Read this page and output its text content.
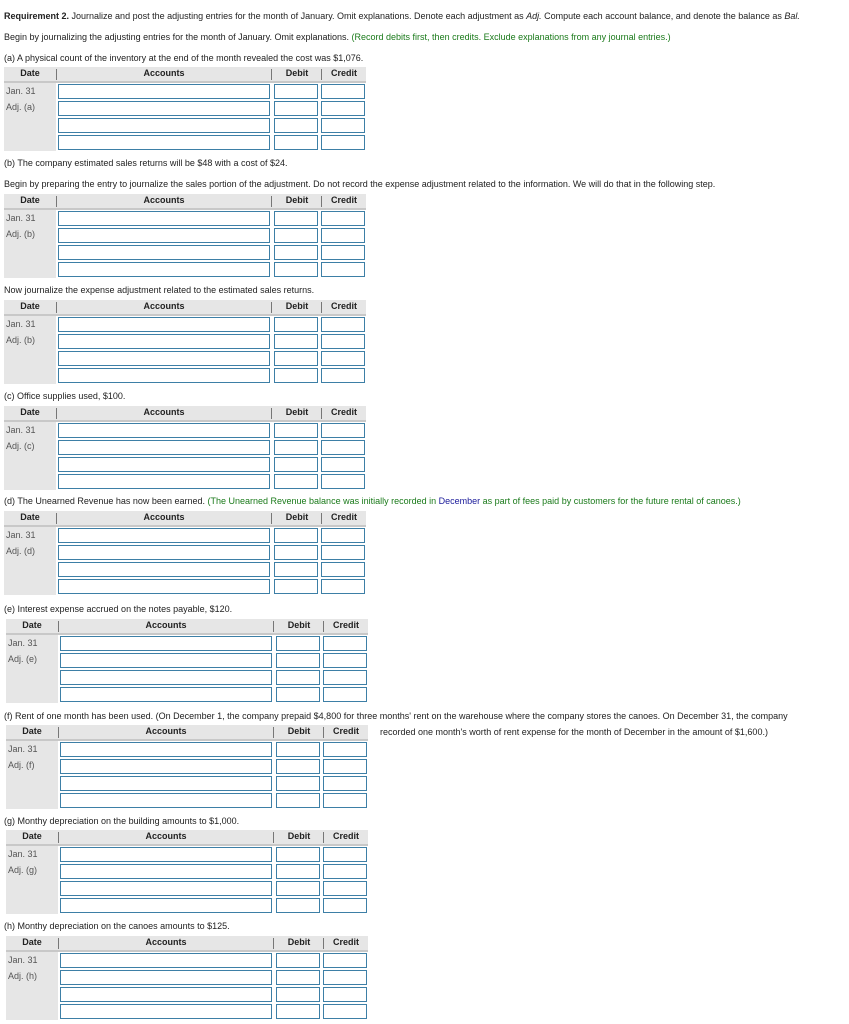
Requirement 2. Journalize and post the adjusting entries for the month of January. Omit explanations. Denote each adjustment as Adj. Compute each account balance, and denote the balance as Bal.
Begin by journalizing the adjusting entries for the month of January. Omit explanations. (Record debits first, then credits. Exclude explanations from any journal entries.)
(a) A physical count of the inventory at the end of the month revealed the cost was $1,076.
(b) The company estimated sales returns will be $48 with a cost of $24.
Begin by preparing the entry to journalize the sales portion of the adjustment. Do not record the expense adjustment related to the information. We will do that in the following step.
Now journalize the expense adjustment related to the estimated sales returns.
(c) Office supplies used, $100.
(d) The Unearned Revenue has now been earned. (The Unearned Revenue balance was initially recorded in December as part of fees paid by customers for the future rental of canoes.)
(e) Interest expense accrued on the notes payable, $120.
(f) Rent of one month has been used. (On December 1, the company prepaid $4,800 for three months' rent on the warehouse where the company stores the canoes. On December 31, the company
recorded one month's worth of rent expense for the month of December in the amount of $1,600.)
(g) Monthy depreciation on the building amounts to $1,000.
(h) Monthy depreciation on the canoes amounts to $125.
Date	Accounts	Debit	Credit
Jan. 31
Adj. (a)
Date	Accounts	Debit	Credit
Jan. 31
Adj. (b)
Date	Accounts	Debit	Credit
Jan. 31
Adj. (b)
Date	Accounts	Debit	Credit
Jan. 31
Adj. (c)
Date	Accounts	Debit	Credit
Jan. 31
Adj. (d)
Date	Accounts	Debit	Credit
Jan. 31
Adj. (e)
Date	Accounts	Debit	Credit
Jan. 31
Adj. (f)
Date	Accounts	Debit	Credit
Jan. 31
Adj. (g)
Date	Accounts	Debit	Credit
Jan. 31
Adj. (h)
